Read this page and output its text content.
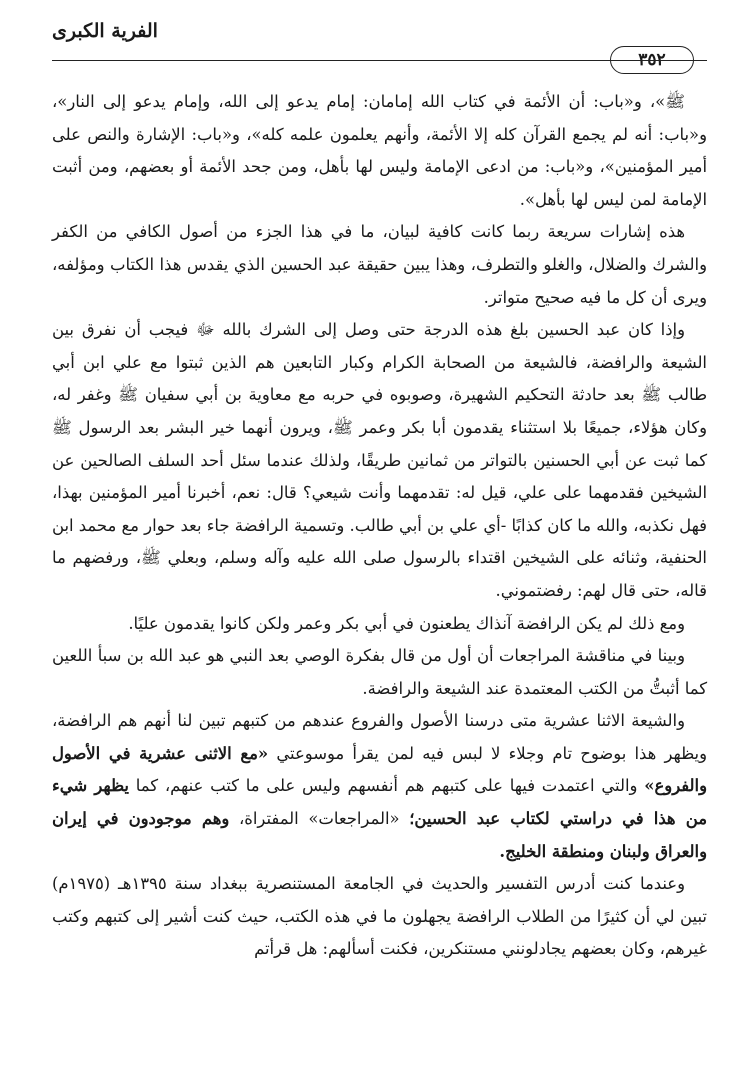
الفرية الكبرى
٣٥٢

ﷺ»، و«باب: أن الأئمة في كتاب الله إمامان: إمام يدعو إلى الله، وإمام يدعو إلى النار»، و«باب: أنه لم يجمع القرآن كله إلا الأئمة، وأنهم يعلمون علمه كله»، و«باب: الإشارة والنص على أمير المؤمنين»، و«باب: من ادعى الإمامة وليس لها بأهل، ومن جحد الأئمة أو بعضهم، ومن أثبت الإمامة لمن ليس لها بأهل».

هذه إشارات سريعة ربما كانت كافية لبيان، ما في هذا الجزء من أصول الكافي من الكفر والشرك والضلال، والغلو والتطرف، وهذا يبين حقيقة عبد الحسين الذي يقدس هذا الكتاب ومؤلفه، ويرى أن كل ما فيه صحيح متواتر.

وإذا كان عبد الحسين بلغ هذه الدرجة حتى وصل إلى الشرك بالله ﷻ فيجب أن نفرق بين الشيعة والرافضة، فالشيعة من الصحابة الكرام وكبار التابعين هم الذين ثبتوا مع علي ابن أبي طالب ﷺ بعد حادثة التحكيم الشهيرة، وصوبوه في حربه مع معاوية بن أبي سفيان ﷺ وغفر له، وكان هؤلاء، جميعًا بلا استثناء يقدمون أبا بكر وعمر ﷺ، ويرون أنهما خير البشر بعد الرسول ﷺ كما ثبت عن أبي الحسنين بالتواتر من ثمانين طريقًا، ولذلك عندما سئل أحد السلف الصالحين عن الشيخين فقدمهما على علي، قيل له: تقدمهما وأنت شيعي؟ قال: نعم، أخبرنا أمير المؤمنين بهذا، فهل نكذبه، والله ما كان كذابًا -أي علي بن أبي طالب. وتسمية الرافضة جاء بعد حوار مع محمد ابن الحنفية، وثنائه على الشيخين اقتداء بالرسول صلى الله عليه وآله وسلم، وبعلي ﷺ، ورفضهم ما قاله، حتى قال لهم: رفضتموني.

ومع ذلك لم يكن الرافضة آنذاك يطعنون في أبي بكر وعمر ولكن كانوا يقدمون عليًا.

وبينا في مناقشة المراجعات أن أول من قال بفكرة الوصي بعد النبي هو عبد الله بن سبأ اللعين كما أثبتُّ من الكتب المعتمدة عند الشيعة والرافضة.

والشيعة الاثنا عشرية متى درسنا الأصول والفروع عندهم من كتبهم تبين لنا أنهم هم الرافضة، ويظهر هذا بوضوح تام وجلاء لا لبس فيه لمن يقرأ موسوعتي «مع الاثنى عشرية في الأصول والفروع» والتي اعتمدت فيها على كتبهم هم أنفسهم وليس على ما كتب عنهم، كما يظهر شيء من هذا في دراستي لكتاب عبد الحسين؛ «المراجعات» المفتراة، وهم موجودون في إيران والعراق ولبنان ومنطقة الخليج.

وعندما كنت أدرس التفسير والحديث في الجامعة المستنصرية ببغداد سنة ١٣٩٥هـ (١٩٧٥م) تبين لي أن كثيرًا من الطلاب الرافضة يجهلون ما في هذه الكتب، حيث كنت أشير إلى كتبهم وكتب غيرهم، وكان بعضهم يجادلونني مستنكرين، فكنت أسألهم: هل قرأتم
